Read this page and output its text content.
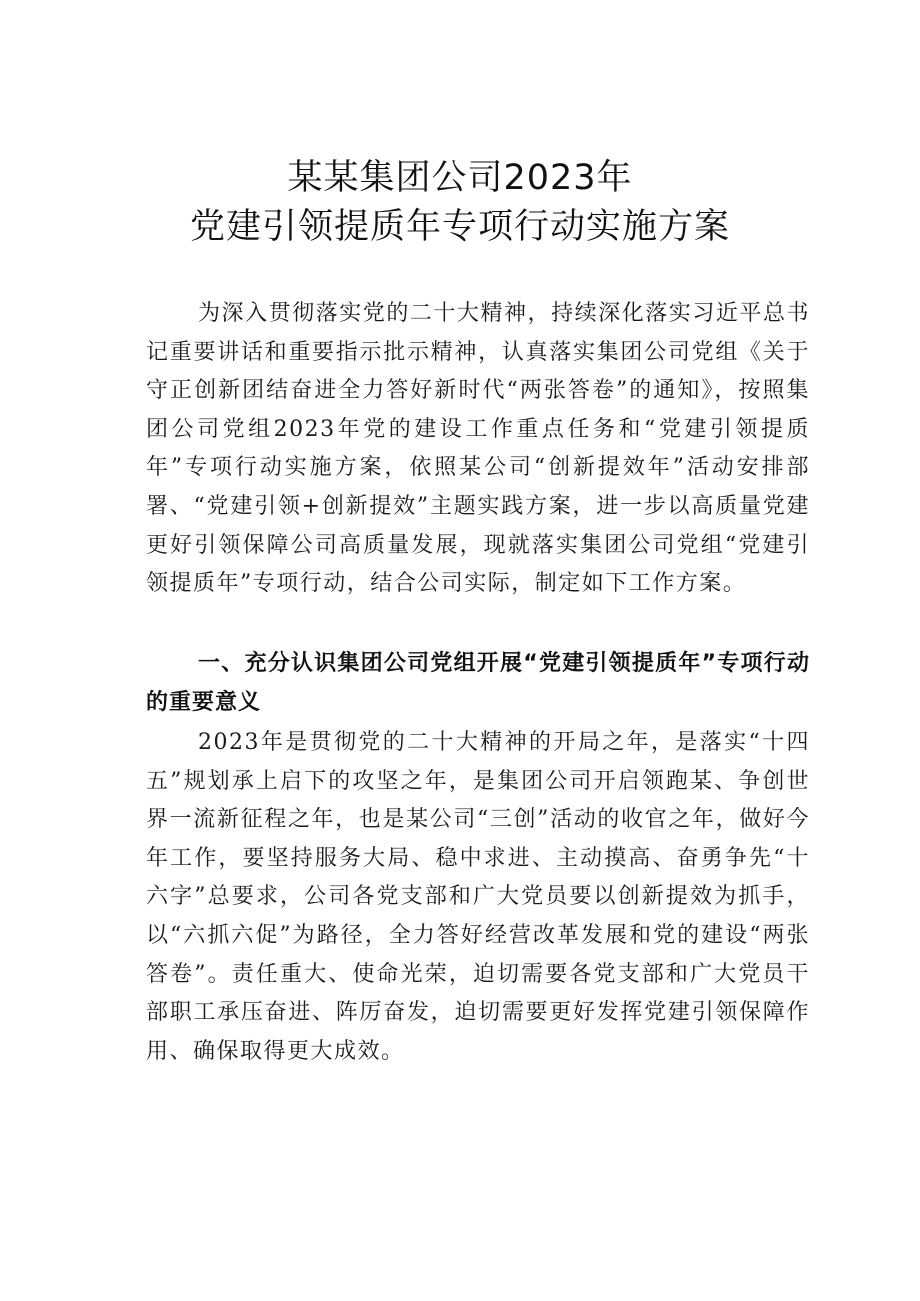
某某集团公司2023年
党建引领提质年专项行动实施方案
为深入贯彻落实党的二十大精神，持续深化落实习近平总书记重要讲话和重要指示批示精神，认真落实集团公司党组《关于守正创新团结奋进全力答好新时代“两张答卷”的通知》，按照集团公司党组2023年党的建设工作重点任务和“党建引领提质年”专项行动实施方案，依照某公司“创新提效年”活动安排部署、“党建引领+创新提效”主题实践方案，进一步以高质量党建更好引领保障公司高质量发展，现就落实集团公司党组“党建引领提质年”专项行动，结合公司实际，制定如下工作方案。
一、充分认识集团公司党组开展“党建引领提质年”专项行动的重要意义
2023年是贯彻党的二十大精神的开局之年，是落实“十四五”规划承上启下的攻坚之年，是集团公司开启领跑某、争创世界一流新征程之年，也是某公司“三创”活动的收官之年，做好今年工作，要坚持服务大局、稳中求进、主动摸高、奋勇争先“十六字”总要求，公司各党支部和广大党员要以创新提效为抓手，以“六抓六促”为路径，全力答好经营改革发展和党的建设“两张答卷”。责任重大、使命光荣，迫切需要各党支部和广大党员干部职工承压奋进、阵厉奋发，迫切需要更好发挥党建引领保障作用、确保取得更大成效。
